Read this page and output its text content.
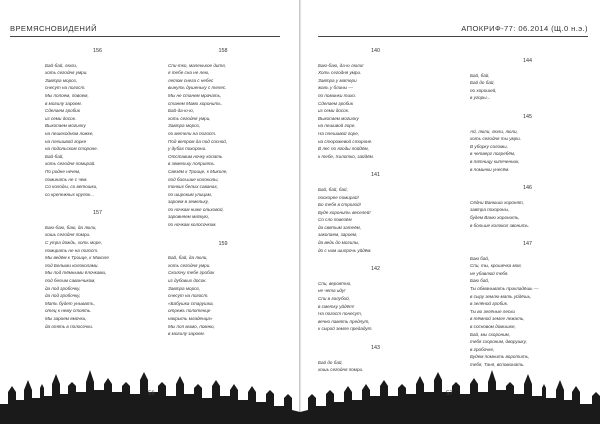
ВРЕМЯСНОВИДЕНИЙ	АПОКРИФ-77: 06.2014 (Щ.0 н.э.)
156
Бай-бай, люли,
хоть сегодня умри.
Завтра мороз,
снесут на погост.
Мы попоем, повоем,
в могилу зароем.
Сделаем гробик
из семи досок.
Выкопаем могилку
на пешеходном ложке,
на плешивой горке
на подольском стороне.
Бай-бай,
хоть сегодня помирай.
По родне нечем,
поминать не с чем.
Со колоды, со ветошки,
со крепежных крупок...
157
Баю-баю, баю, да люли,
хошь сегодня помри.
С утра дождь, хоть море,
помирать не на погост.
Мы ведём к Троице, к Миколе
под Белыми колоколами.
Мы под тёмными ёлочками,
под белым саванчиком,
да под гробочку,
да под гробочку,
Мать будет уныватъ,
отец к нему стоять.
Мы зароем ямочки,
да опять в полосочки.
158
Спи-тко, маленькое дитя,
я тебе сна не лею,
летом снега с небес
вынуть душеньку с телес.
Мы не станем мрачать,
станем Мамо хоронить.
Бай-да-ю-ю,
хоть сегодня умри,
Завтра мороз,
по метели на погост.
Под ветром да под сосной,
у дубах похорони.
Отставим ночку копать
в земельку поприять.
Свезём к Троице, к Миколе,
под большие колоколы,
тонких белых саванах,
по широким улицам,
зароем в земельку,
по ночкам ниже ольховой,
заровняем мягкую,
по ночкам колосочком.
159
Бай, бай, да люли,
хоть сегодня умри.
Сколочу тебе гробок
из дубовых досок.
Завтра мороз,
снесут на погост.
«Бабушка старушка,
отрежь полотенце
накрыть младенца»
Мы поп мимо, помню,
в могилу зароем.
140
Баю-баю, да-ю люли!
Хоть сегодня умри.
Завтра у матери
жаль у блины —
по поминки тихо.
Сделаем гробик
из семи досок.
Выкопаем могилку
на пешивой горе.
На плешивой горе,
на сторожевой стороне.
В лес по ягоды пойдём,
к тебе, Хилотко, зайдём.
141
Бай, бай, бай,
поскорее помирай!
Бо тебя в строгой!
Буде хоронить веселей!
Со сло повезём
да святым затеём,
закопаем, зароем,
да ведь до могилы,
до с ним шипрочь уйдём.
142
Спи, вероятно,
не чета иду!
Спи в голубой,
в сметку уйдёт!
На погост понесут,
вечно память предлут,
к сырой земле предадут.
143
Бай до бай,
хошь сегодня помри.
144
Бай, бай,
Бай до бай,
по хорошей,
в угоры...
145
Ай, люли, люли, люли,
хоть сегодня ты умри.
В уборку соломы,
в четверг погребём,
в пятницу кипяченник,
в поминки унесём.
146
Сёдни Ванюша хоронят,
завтра похороны,
будем Ваню хоронить,
в больше колокол звонить.
147
Баю бай,
Спи, ты, крошечка моя,
не убавлюй тебя.
Баю бай,
Ты обманывать прикладёшь —
в сыру землю-мать уйдёшь,
в зелёной гробик.
Ты во зелёные лески
в тёмной земле лежать,
в сосновом домишке,
Бай, мы схороним,
тебя схороним, дворушку,
в гробочке,
Будем помнить воротить,
тебя, Таня, вспоминать.
56	57
